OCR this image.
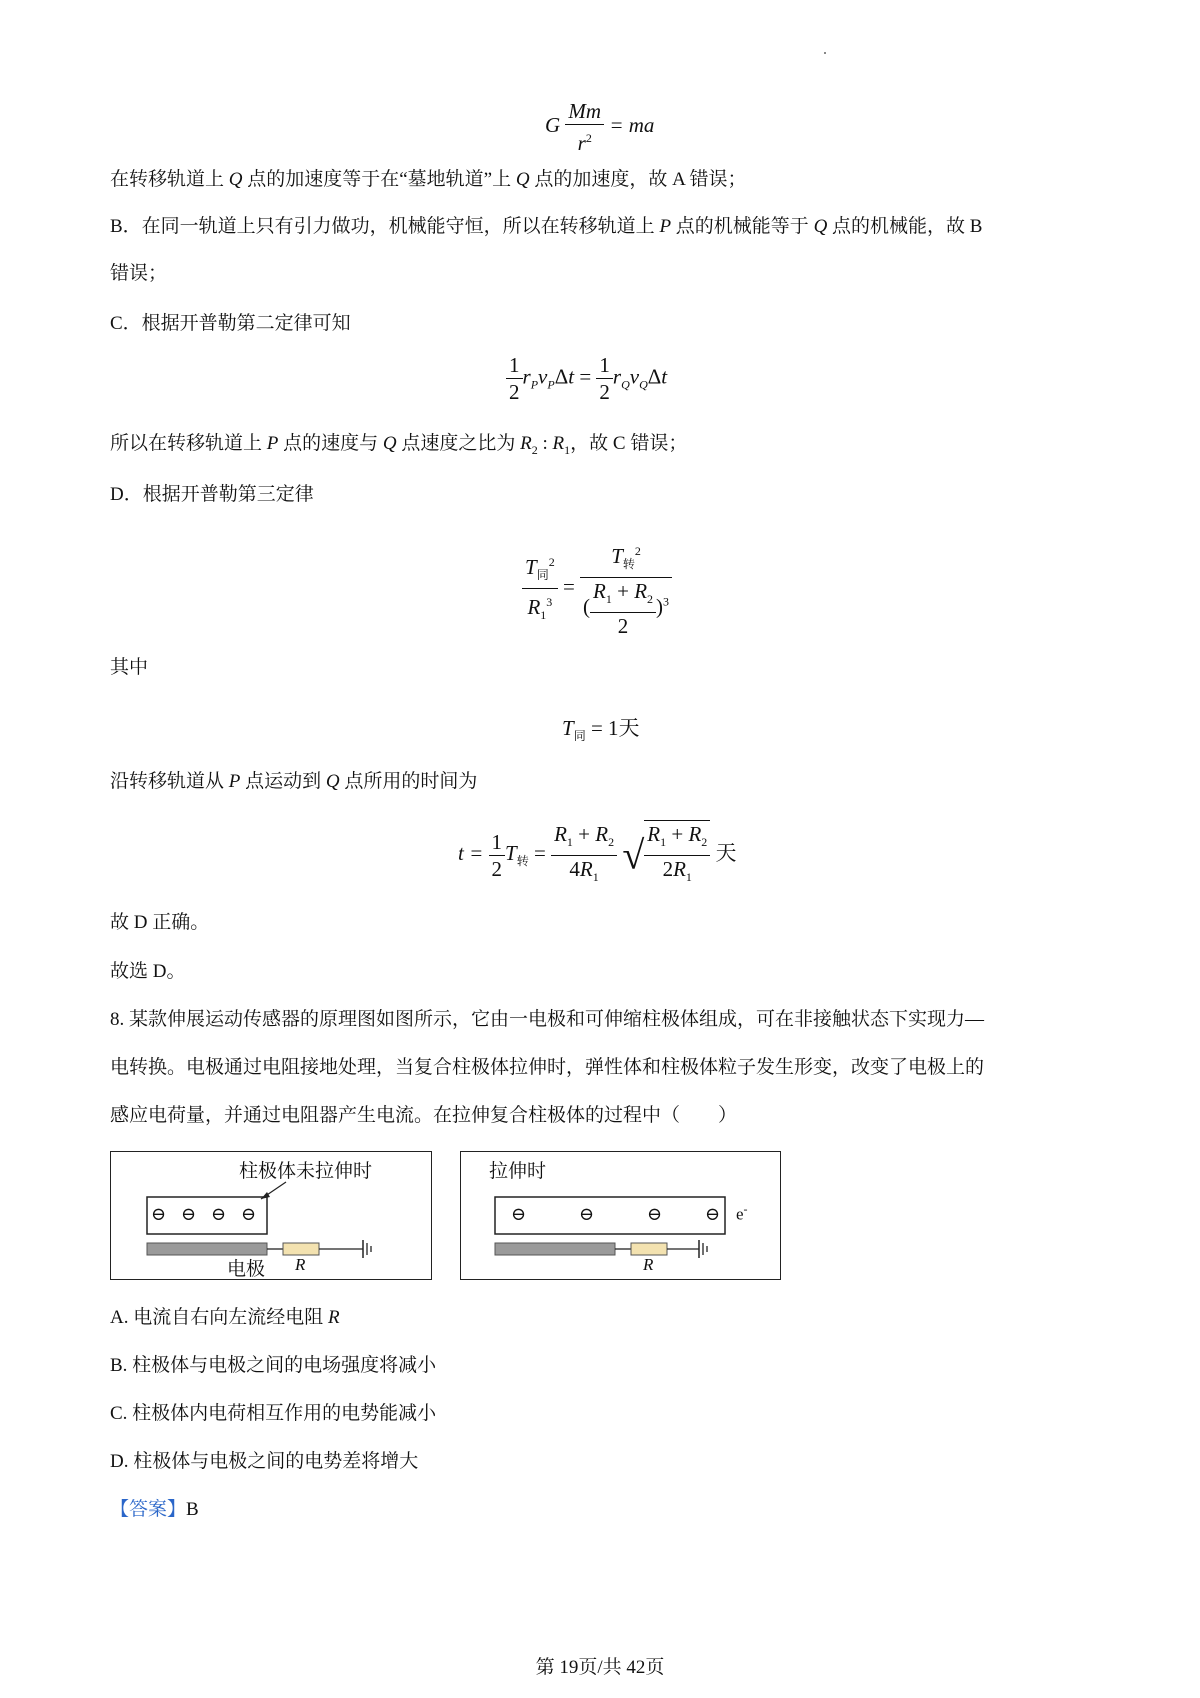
G $\frac{Mm}{r^2}$ = ma
在转移轨道上 Q 点的加速度等于在“墓地轨道”上 Q 点的加速度，故 A 错误；
B．在同一轨道上只有引力做功，机械能守恒，所以在转移轨道上 P 点的机械能等于 Q 点的机械能，故 B
错误；
C．根据开普勒第二定律可知
$\frac{1}{2} r_Pv_P\Delta t = \frac{1}{2} r_Qv_Q\Delta t$
所以在转移轨道上 P 点的速度与 Q 点速度之比为 $R_2$ : $R_1$，故 C 错误；
D．根据开普勒第三定律
$\frac{T_同^2}{R_1^3} = \frac{T_转^2}{( \frac{R_1 + R_2}{2} )^3}$
其中
$T_同 = 1$天
沿转移轨道从 P 点运动到 Q 点所用的时间为
$t = \frac{1}{2} T_转 = \frac{R_1 + R_2}{4R_1}$ √ $\frac{R_1 + R_2}{2R_1}$ 天
故 D 正确。
故选 D。
8. 某款伸展运动传感器的原理图如图所示，它由一电极和可伸缩柱极体组成，可在非接触状态下实现力—
电转换。电极通过电阻接地处理，当复合柱极体拉伸时，弹性体和柱极体粒子发生形变，改变了电极上的
感应电荷量，并通过电阻器产生电流。在拉伸复合柱极体的过程中（　　）
柱极体未拉伸时
⊖ ⊖ ⊖ ⊖
电极 R
拉伸时
⊖	⊖	⊖ ⊖ e-
R
A. 电流自右向左流经电阻 R
B. 柱极体与电极之间的电场强度将减小
C. 柱极体内电荷相互作用的电势能减小
D. 柱极体与电极之间的电势差将增大
【答案】B
第 19页/共 42页
